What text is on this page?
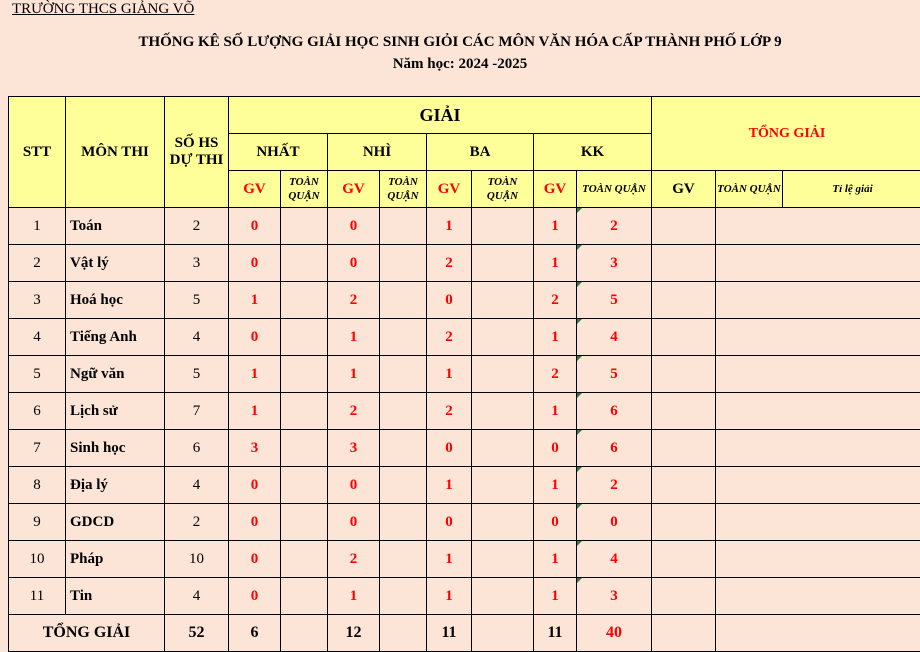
TRƯỜNG THCS GIẢNG VÕ
THỐNG KÊ SỐ LƯỢNG GIẢI HỌC SINH GIỎI CÁC MÔN VĂN HÓA CẤP THÀNH PHỐ LỚP 9
Năm học: 2024 -2025
STT	MÔN THI	SỐ HS DỰ THI	GIẢI								TỔNG GIẢI		
			NHẤT		NHÌ		BA		KK				
			GV	TOÀN QUẬN	GV	TOÀN QUẬN	GV	TOÀN QUẬN	GV	TOÀN QUẬN	GV	TOÀN QUẬN	Tỉ lệ giải
1	Toán	2	0		0		1		1	2			
2	Vật lý	3	0		0		2		1	3			
3	Hoá học	5	1		2		0		2	5			
4	Tiếng Anh	4	0		1		2		1	4			
5	Ngữ văn	5	1		1		1		2	5			
6	Lịch sử	7	1		2		2		1	6			
7	Sinh học	6	3		3		0		0	6			
8	Địa lý	4	0		0		1		1	2			
9	GDCD	2	0		0		0		0	0			
10	Pháp	10	0		2		1		1	4			
11	Tin	4	0		1		1		1	3			
TỔNG GIẢI		52	6		12		11		11	40			
